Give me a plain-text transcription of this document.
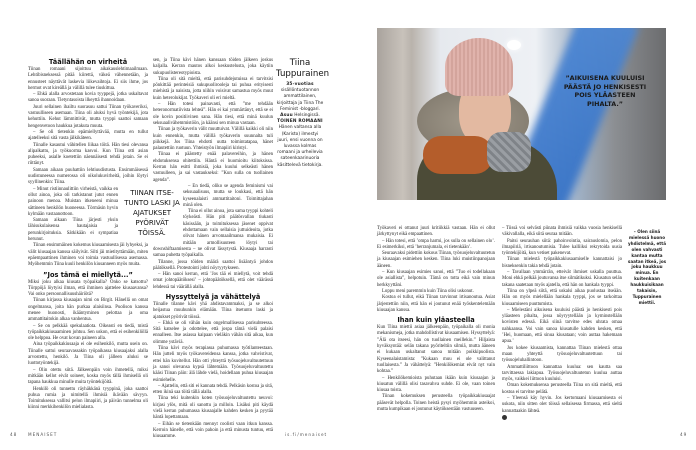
Täällähän on virheitä

Tiinan romaani sijoittuu aikakauslehtimaailmaan. Lehtibisneksessä pitää kiirettä, väkeä vähennetään, ja ennusteet näyttävät laskevia liikevaihtoja. Ei siis ihme, jos hermot ovat kireällä ja välillä tulee tiuskittua.

– Ehkä alalla arvostetaan kovia tyyppejä, jotka uskaltavat sanoa suoraan. Tietyntasoista ilkeyttä ihannoidaan.

Juuri sellainen ihailtu suorasuu sattui Tiinan työkaveriksi, vastuulliseen asemaan. Tiina oli aluksi hyvä työntekijä, jota kehuttiin. Kehut lämmittivät, mutta tyyppi saattoi samaan hengenvetoon haukkua jotakuta muuta.

– Se oli tietenkin epämiellyttävää, mutta en tullut ajatelleeksi sitä vasta jälkikäteen.

Tiinalle kasautui vähitellen liikaa töitä. Hän tiesi olevansa alipalkattu, ja työkuorma kasvoi. Kun Tiina otti asian puheeksi, asialle koetettiin näennäisesti tehdä jotain. Se ei riittänyt.

Samaan aikaan puuhattiin lehtiuudistusta. Ensimmäisessä uudistuneessa numerossa oli oikolukuvirheitä, joihin löytyi syyllinenkin: Tiina.

– Minut ristiinnaulittiin virheistä, vaikka en ollut ainoa, joka oli tarkistanut jutut ennen painoon menoa. Muistan itkeneeni minua sättineen henkilön huoneessa. Törmäsin hyvin kylmään vastaanottoon.

Samaan aikaan Tiina järjesti yksin lähisukulaisensa hautajaisia ja perunkirjoituksia. Sätkikään ei sympatiaa herunut.

Tiinan ensimmäinen kokemus kiusaamisesta jäi lyhyeksi, ja välit kiusaajan kanssa säilyivät. Silti jäi mietityttämään, miten epäempaattinen ihminen voi toimia vastuullisessa asemassa. Myöhemmin Tiina kuuli henkilön kiusanneen myös muita.

”Jos tämä ei miellytä...”

Miksi joku alkaa kiusata työpaikalla? Onko se katsottu? Törppöjä löytyisi ilman, että ihminen ajattelee kiusaavansa? Vai onko persoonallisuushäiriötä?

Tiinan kirjassa kiusaajan nimi on Birgit. Hänellä on omat ongelmansa, joita hän purkaa alaisiinsa. Puolison kanssa menee huonosti, ikääntyminen pelottaa ja oma ammattitaitokin alkaa vanhentua.

– Se on pelkkää spekulaatiota. Oikeasti en tiedä, mistä työpaikkakiusaaminen johtuu. Sen uskon, että ei esihenkilöllä ole helppoa. He ovat kovan paineen alla.

Aina työpaikkakiusaaja ei ole esihenkilö, mutta usein on. Tiinalle sattui seuraavassakin työpaikassa kiusaajaksi alalla arvostettu, henkilö. Ja Tiina oli jälleen aluksi se luottotyöntekijä.

– Olin otettu siitä. Jälkeenpäin voin ihmetellä, miksi mitkään kellot eivät soineet, koska myös tällä ihmisellä oli tapana haukkua minulle muita työntekijöitä.

Henkilö oli tunnettu räyhäkkänä tyyppinä, joka saattoi puhua rumia ja nimitellä ihmisiä ikävään sävyyn. Toimituksessa vallitsi pelon ilmapiiri, ja päivän tunnelma oli kiinni merkkihenkilön mielialasta.

sen, ja Tiina kävi hänen kanssaan töiden jälkeen joskus kaljalla. Kerran mautos alkoi keskustelusta, joka käytiin sukupuolistereotypioista.

Tiina oli sitä mieltä, että parisuhdejutuissa ei tarvitsisi pönkittää perinteisiä sukupuolirooleja tai puhua erityisesti miehistä ja naisista, jotta niihin voisivat samastua myös muut kuin heterolukijat. Työkaveri oli eri mieltä.

– Hän totesi painavasti, että ”me tehdään heteronormatiivista lehteä”. Hän ei kai ymmärtänyt, että se ei ole kovin positiivinen sana. Hän tiesi, että minä kuulun seksuaalivähemmistöön, ja käänsi sen minua vastaan.

Tiinan ja työkaverin välit muuttuivat. Välillä kaikki oli niin kuin ennenkin, mutta välillä työkaverin suunnalta tuli piikkejä. Jos Tiina ehdotti uutta toimintatapaa, hänet palautettiin ruotuun. Yhteistyön ilmapiiri kiristyi.

Tiinaa ei päästetty enää palavereihin, ja hänen ehdotuksensa ohitettiin. Häntä ei huomioitu kiitoksissa. Kerran hän esitti ihmisiä, joka kuului selkeästi hänen vastuulleen, ja sai vastaukseksi: ”Kun sulla on tuollainen agenda”.

– En tiedä, oliko se agenda feminismi vai seksuaalisuus, mutta se loukkasi, että hän kyseenalaisti ammattitaitoni. Toimittajahan minä olen.

Tiina ei ollut ainoa, jota sama tyyppi kohteli töykeästi. Hän piti päätösvallan tiukasti käsissään, ja toimituksessa jäsenet oppivat ehdottamaan vain sellaisia juttuideoita, jotka olivat hänen arvomaailmansa mukaisia. Ei mitään armollisuuteen löytyi tai downshiftaamisesta – ne olivat lässytystä. Kiusaaja harrasti samaa puhetta työpaikalla.

Tilanne, jossa töiden määrä saattoi lisääntyä johdon päätöksellä. Protestointi johti nöyryytykseen.

– Hän sanoi kerran, että ’Jos tää ei miellytä, voit tehdä omat johtopäätöksesi’ – johtopäätöksellä, että olet väärässä lehdessä tai väärällä alalla.

Hyssyttelyä ja vähättelyä

Tiinalle tilanne kävi yhä ahdistavammaksi, ja se alkoi heijastua muuhunkin elämään. Tiina itsetunto laski ja ajatukset pyörivät töissä.

– Ehkä se oli vähän kuin ongelmallisessa parisuhteessa. Sitä katselee ja odottelee, että jospa tämä vielä palaisi ennalleen. Itse asiassa kaipaan vieläkin vähän sitä aikaa, kun olimme ystäviä.

Tiina kävi myös terapiassa puhumassa työtilanteestaan. Hän jutteli myös työkavereidensa kanssa, jotka vahvistivat, ettei hän kuvitellut. Hän otti yhteyttä työsuojeluvaltuutettuun ja sanoi olevansa kypsä lähtemään. Työsuojeluvaltuutettu kääsi Tiinan päin: älä lähde vielä, hoidellaan puhua kiusaajan esimiehelle.

– Ajattelin, että siti ei kannata tehdä. Pelkäsin kostoa ja sitä, etten ikinä saa töitä tällä alalla.

Tiina teki kuitenkin koten työsuojeluvaltuutettu neuvoi: kirjasi ylös, mitä oli sanottu ja milloin. Lisäksi piti käydä vielä kerran puhumassa kiusaajalle kahden kesken ja pyytää häntä lopettamaan.

– Eihän se tietenkään mennyt coolisti vaan itkun kanssa. Kerroin hänelle, että voin pahoin ja että minusta tuntuu, että kiusaamme.

TIINAN ITSE-TUNTO LASKI JA AJATUKSET PYÖRIVÄT TÖISSÄ.
Tiina Tuppurainen
35-vuotias sisällöntuotannon ammattilainen, kirjoittaja ja Tiina The Feminist -bloggari. Asuu Helsingissä. TOINEN ROMAANI Hänen valtansa alla (Karisto) ilmestyi juuri, ensi vuonna on luvassa kolmas romaani ja urheilevia sateenkaarinuoria käsittelevä tietokirja.
”AIKUISENA KUULUISI PÄÄSTÄ JO HENKISESTI POIS YLÄASTEEN PIHALTA.”

Työkaveri ei ottanut juuri kritiikkiä vastaan. Hän ei ollut järkyttynyt eikä empaattinen.

– Hän totesi, että ’ompa harmi, jos sulla on sellainen olo’. Ei esimerkiksi, että ’herranjumala, ei tietenkään’.

Seuraavaksi pidettiin kokous Tiinan, työsuojeluvaltuutetun ja kiusaajan esimiehen kesken. Tiina luki muistiinpanojaan ääneen.

– Kun kiusaajan esimies sanoi, että ”Tuo ei todellakaan ole asiallista”, helpotuin. Tämä on totta eikä vain minun herkkyyttäni.

Loppu meni paremmin kuin Tiina olisi uskonut.

Kostoa ei tullut, eikä Tiinan tarvinnut irtisanoutua. Asiat järjestettiin niin, että hän ei joutunut enää työskentelemään kiusaajan kanssa.

Ihan kuin yläasteella

Kun Tiina miettii asiaa jälkeenpäin, työpaikalla oli monia mekanismeja, jotka mahdollistivat kiusaamisen. Hyssyttelyä: ”Älä ota itseesi, hän on tuollainen meillekin.” Hiljaista hyväksyntää: selän takana pyöriteltiin silmiä, mutta ääneen ei kukaan uskaltanut sanoa mitään poikkipuolista. Kyseenalaistamista: ”Kukaan muu ei ole valittanut tuollaisesta.” Ja vähättelyä: ”Henkilökemiat eivät nyt vain kohtaa.”

– Henkilökemioista puhutaan ikään kuin kiusaajan ja kiusatun välillä olisi tasavahva suhde. Ei ole, vaan toinen kiusaa toista.

Tiinan kokemuksen perusteella työpaikkakiusaajat pääsevät helpolla. Toinen heistä pysyi myöhemmin asteikoi, mutta kumpikaan ei joutunut käytöksestään vastuuseen.

– Tiissä voi selvästi piinata ihmisiä vaikka vuosia henkisellä väkivallalla, eikä siitä seuraa mitään.

Paitsi seurauhan siitä: pahoinvointia, sairauslomia, pelon ilmapiiriä, irtisanoutumisia. Tulee kalliiksi rekrytoida uusia työntekijöitä, kun vetiset pakenevat.

Tiinan mielestä työpaikkakiusaamiselle kannattaisi jo bisneksenkin takia tehdä jotain.

– Tavallaan ymmärrän, etteivät ihmiset uskalla puuttua. Moni ehkä pelkää joutuvansa itse silmätikuksi. Kiusatun selän takana saatetaan myös ajatella, että hän on hankala tyyppi.

Tiina on ylpeä siitä, että uskalsi aikaa puolustaa itseään. Hän on myös mielellään hankala tyyppi, jos se tarkoittaa kiusaamiseen puuttumista.

– Mielestäni aikuisena kuuluisi päästä jo henkisesti pois yläasteen pihalta, jossa nöyryytellään ja kyminstellään kovisten edessä. Eikä siinä tarvitse edes uhrata omaa nahkaansa. Voi vain sanoa kiusatulle kahden kesken, että ’Hei, huomaan, että sinua kiusataan; voin auttaa hakemaan apua.’

Jos kokee kiusaamista, kannattaa Tiinan mielestä ottaa maan yhteyttä työsuojeluvaltuutettuun tai työsuojeluhallintoon.

Ammattiliittoon kannattaa kuulua: sen kautta saa tarvittaessa lakiapua. Työsuojeluvaltuutetun kuulua auttaa myös, vaikkei liittoon kuuluisi.

Oman kokemuksensa perusteella Tiina on sitä mieltä, että kostoa ei tarvitse pelätä.

– Yleensä käy hyvin. Jos kertomaani kiusaamisesta ei uskota, niin sitten olet töissä sellaisessa firmassa, että sieltä kannattaakin lähteä.

– Olen siinä mielessä huono yhdistelmä, että olen vahvasti kantaa mutta saatan itkeä, jos joku haukkuu minua. En kuitenkaan haukkuisikaan takaisin, Tuppurainen miettii.
48	MENAISET	is.fi/menaiset	49
